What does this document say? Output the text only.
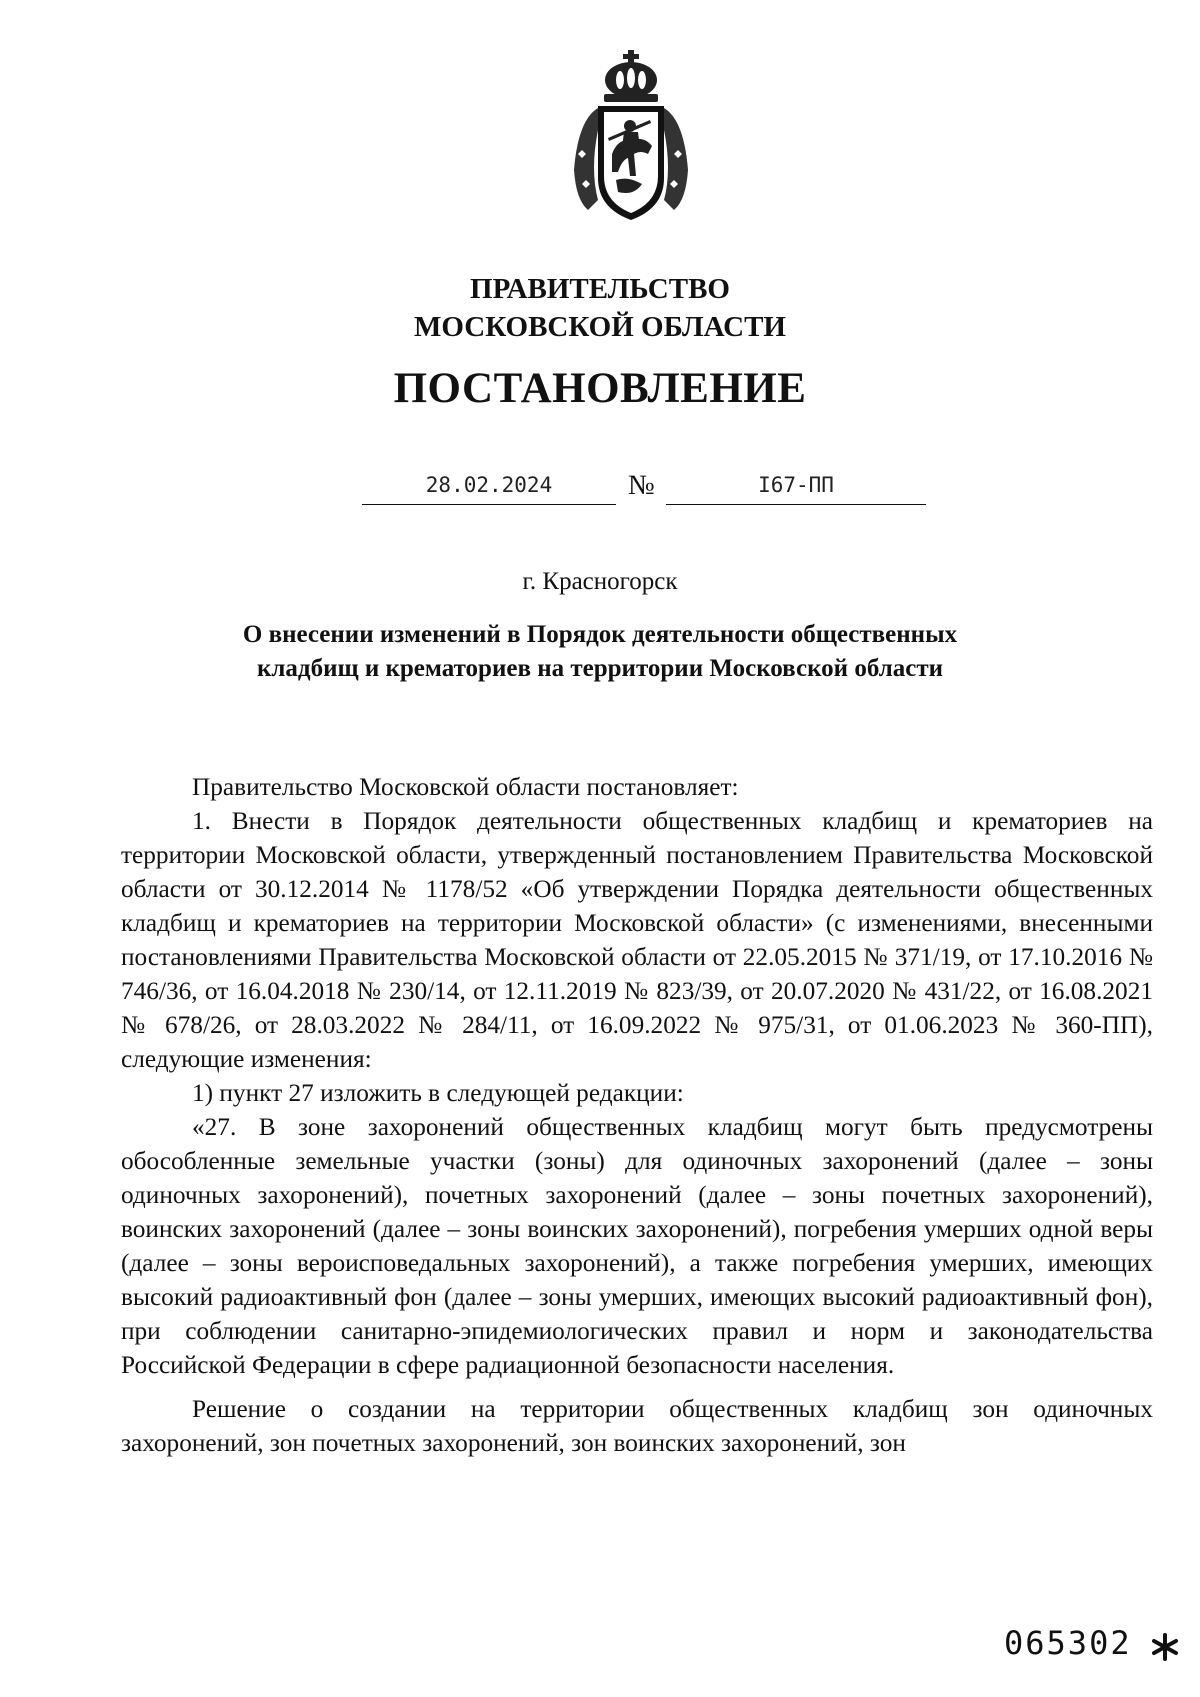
ПРАВИТЕЛЬСТВО
МОСКОВСКОЙ ОБЛАСТИ
ПОСТАНОВЛЕНИЕ
28.02.2024	№	I67-ПП
г. Красногорск
О внесении изменений в Порядок деятельности общественных
кладбищ и крематориев на территории Московской области

Правительство Московской области постановляет:

1. Внести в Порядок деятельности общественных кладбищ и крематориев на территории Московской области, утвержденный постановлением Правительства Московской области от 30.12.2014 № 1178/52 «Об утверждении Порядка деятельности общественных кладбищ и крематориев на территории Московской области» (с изменениями, внесенными постановлениями Правительства Московской области от 22.05.2015 № 371/19, от 17.10.2016 № 746/36, от 16.04.2018 № 230/14, от 12.11.2019 № 823/39, от 20.07.2020 № 431/22, от 16.08.2021 № 678/26, от 28.03.2022 № 284/11, от 16.09.2022 № 975/31, от 01.06.2023 № 360-ПП), следующие изменения:

1) пункт 27 изложить в следующей редакции:

«27. В зоне захоронений общественных кладбищ могут быть предусмотрены обособленные земельные участки (зоны) для одиночных захоронений (далее – зоны одиночных захоронений), почетных захоронений (далее – зоны почетных захоронений), воинских захоронений (далее – зоны воинских захоронений), погребения умерших одной веры (далее – зоны вероисповедальных захоронений), а также погребения умерших, имеющих высокий радиоактивный фон (далее – зоны умерших, имеющих высокий радиоактивный фон), при соблюдении санитарно-эпидемиологических правил и норм и законодательства Российской Федерации в сфере радиационной безопасности населения.

Решение о создании на территории общественных кладбищ зон одиночных захоронений, зон почетных захоронений, зон воинских захоронений, зон

065302
